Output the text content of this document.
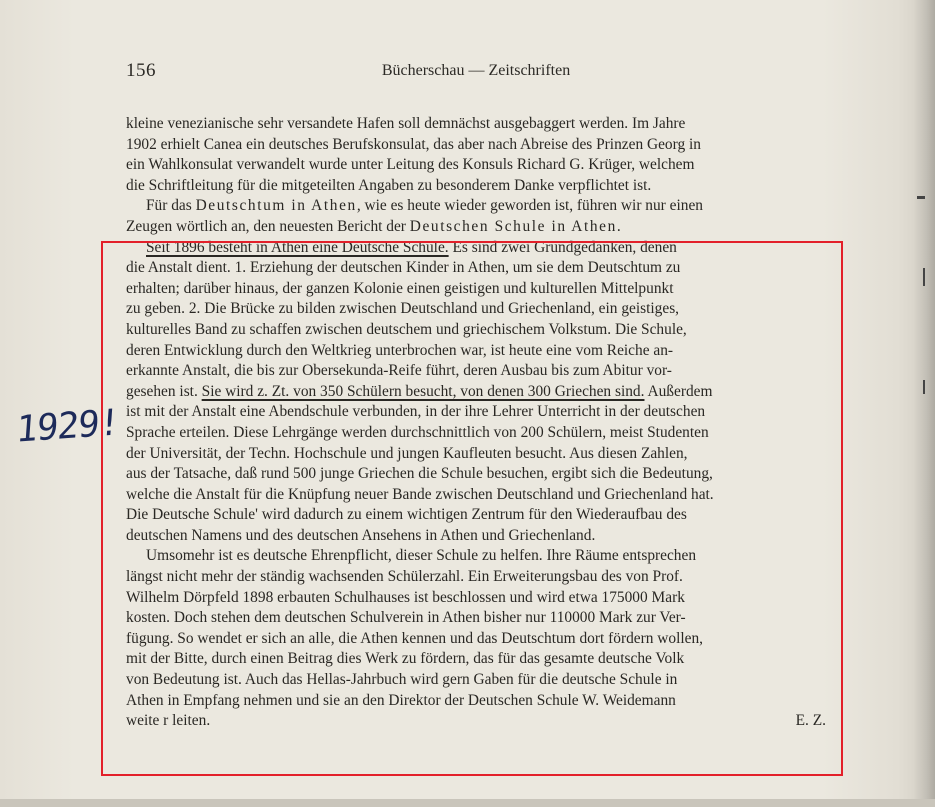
156	Bücherschau — Zeitschriften
kleine venezianische sehr versandete Hafen soll demnächst ausgebaggert werden. Im Jahre
1902 erhielt Canea ein deutsches Berufskonsulat, das aber nach Abreise des Prinzen Georg in
ein Wahlkonsulat verwandelt wurde unter Leitung des Konsuls Richard G. Krüger, welchem
die Schriftleitung für die mitgeteilten Angaben zu besonderem Danke verpflichtet ist.
Für das Deutschtum in Athen, wie es heute wieder geworden ist, führen wir nur einen
Zeugen wörtlich an, den neuesten Bericht der Deutschen Schule in Athen.
Seit 1896 besteht in Athen eine Deutsche Schule. Es sind zwei Grundgedanken, denen
die Anstalt dient. 1. Erziehung der deutschen Kinder in Athen, um sie dem Deutschtum zu
erhalten; darüber hinaus, der ganzen Kolonie einen geistigen und kulturellen Mittelpunkt
zu geben. 2. Die Brücke zu bilden zwischen Deutschland und Griechenland, ein geistiges,
kulturelles Band zu schaffen zwischen deutschem und griechischem Volkstum. Die Schule,
deren Entwicklung durch den Weltkrieg unterbrochen war, ist heute eine vom Reiche an-
erkannte Anstalt, die bis zur Obersekunda-Reife führt, deren Ausbau bis zum Abitur vor-
gesehen ist. Sie wird z. Zt. von 350 Schülern besucht, von denen 300 Griechen sind. Außerdem
ist mit der Anstalt eine Abendschule verbunden, in der ihre Lehrer Unterricht in der deutschen
Sprache erteilen. Diese Lehrgänge werden durchschnittlich von 200 Schülern, meist Studenten
der Universität, der Techn. Hochschule und jungen Kaufleuten besucht. Aus diesen Zahlen,
aus der Tatsache, daß rund 500 junge Griechen die Schule besuchen, ergibt sich die Bedeutung,
welche die Anstalt für die Knüpfung neuer Bande zwischen Deutschland und Griechenland hat.
Die Deutsche Schule' wird dadurch zu einem wichtigen Zentrum für den Wiederaufbau des
deutschen Namens und des deutschen Ansehens in Athen und Griechenland.
Umsomehr ist es deutsche Ehrenpflicht, dieser Schule zu helfen. Ihre Räume entsprechen
längst nicht mehr der ständig wachsenden Schülerzahl. Ein Erweiterungsbau des von Prof.
Wilhelm Dörpfeld 1898 erbauten Schulhauses ist beschlossen und wird etwa 175000 Mark
kosten. Doch stehen dem deutschen Schulverein in Athen bisher nur 110000 Mark zur Ver-
fügung. So wendet er sich an alle, die Athen kennen und das Deutschtum dort fördern wollen,
mit der Bitte, durch einen Beitrag dies Werk zu fördern, das für das gesamte deutsche Volk
von Bedeutung ist. Auch das Hellas-Jahrbuch wird gern Gaben für die deutsche Schule in
Athen in Empfang nehmen und sie an den Direktor der Deutschen Schule W. Weidemann
weite r leiten.	E. Z.
1929!
